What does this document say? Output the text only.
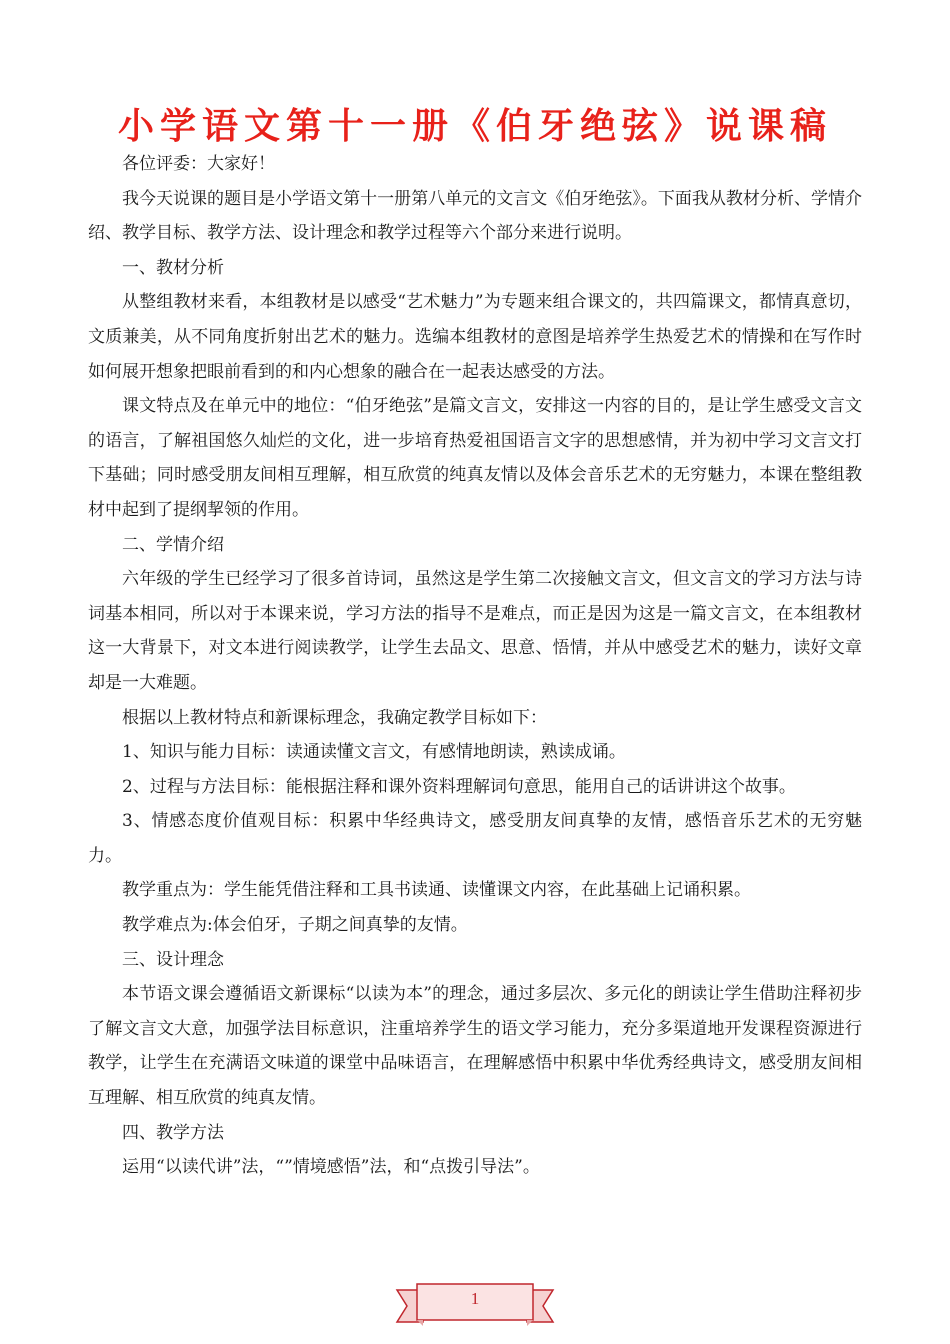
小学语文第十一册《伯牙绝弦》说课稿

各位评委：大家好！

我今天说课的题目是小学语文第十一册第八单元的文言文《伯牙绝弦》。下面我从教材分析、学情介绍、教学目标、教学方法、设计理念和教学过程等六个部分来进行说明。

一、教材分析

从整组教材来看，本组教材是以感受“艺术魅力”为专题来组合课文的，共四篇课文，都情真意切，文质兼美，从不同角度折射出艺术的魅力。选编本组教材的意图是培养学生热爱艺术的情操和在写作时如何展开想象把眼前看到的和内心想象的融合在一起表达感受的方法。

课文特点及在单元中的地位：“伯牙绝弦”是篇文言文，安排这一内容的目的，是让学生感受文言文的语言，了解祖国悠久灿烂的文化，进一步培育热爱祖国语言文字的思想感情，并为初中学习文言文打下基础；同时感受朋友间相互理解，相互欣赏的纯真友情以及体会音乐艺术的无穷魅力，本课在整组教材中起到了提纲挈领的作用。

二、学情介绍

六年级的学生已经学习了很多首诗词，虽然这是学生第二次接触文言文，但文言文的学习方法与诗词基本相同，所以对于本课来说，学习方法的指导不是难点，而正是因为这是一篇文言文，在本组教材这一大背景下，对文本进行阅读教学，让学生去品文、思意、悟情，并从中感受艺术的魅力，读好文章却是一大难题。

根据以上教材特点和新课标理念，我确定教学目标如下：

1、知识与能力目标：读通读懂文言文，有感情地朗读，熟读成诵。

2、过程与方法目标：能根据注释和课外资料理解词句意思，能用自己的话讲讲这个故事。

3、情感态度价值观目标：积累中华经典诗文，感受朋友间真挚的友情，感悟音乐艺术的无穷魅力。

教学重点为：学生能凭借注释和工具书读通、读懂课文内容，在此基础上记诵积累。

教学难点为:体会伯牙，子期之间真挚的友情。

三、设计理念

本节语文课会遵循语文新课标“以读为本”的理念，通过多层次、多元化的朗读让学生借助注释初步了解文言文大意，加强学法目标意识，注重培养学生的语文学习能力，充分多渠道地开发课程资源进行教学，让学生在充满语文味道的课堂中品味语言，在理解感悟中积累中华优秀经典诗文，感受朋友间相互理解、相互欣赏的纯真友情。

四、教学方法

运用“以读代讲”法，“”情境感悟”法，和“点拨引导法”。

1
